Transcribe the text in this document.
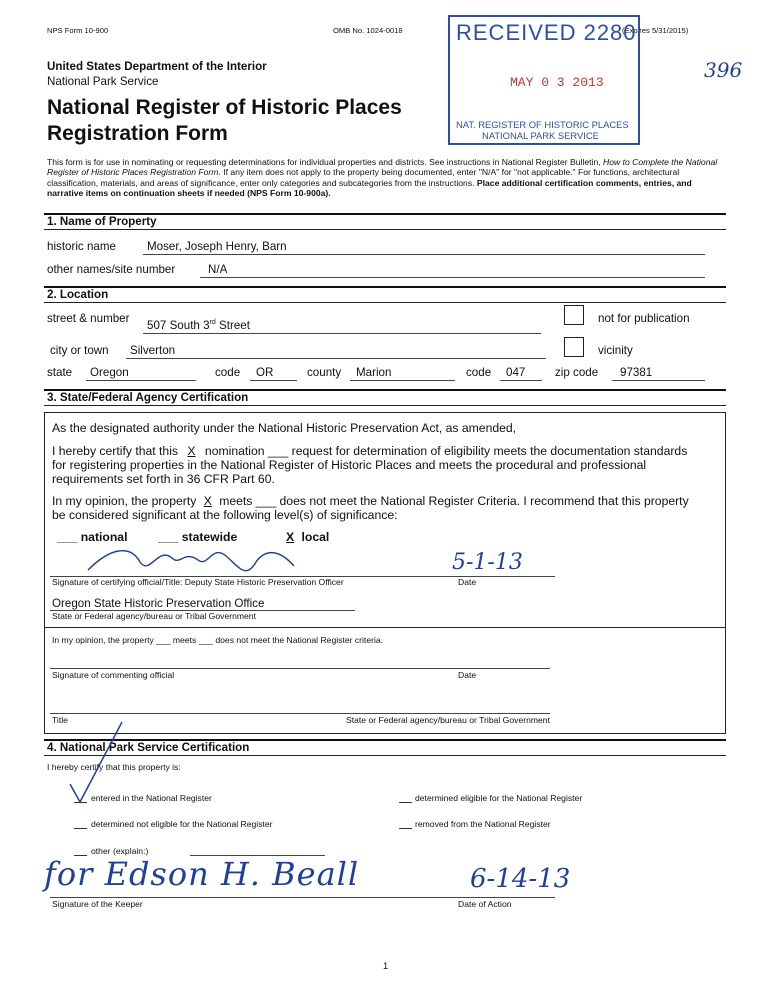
NPS Form 10-900	OMB No. 1024-0018	(Expires 5/31/2015)
United States Department of the Interior
National Park Service
National Register of Historic Places
Registration Form
396
RECEIVED 2280
MAY 0 3 2013
NAT. REGISTER OF HISTORIC PLACES
NATIONAL PARK SERVICE
This form is for use in nominating or requesting determinations for individual properties and districts. See instructions in National Register Bulletin, How to Complete the National Register of Historic Places Registration Form. If any item does not apply to the property being documented, enter "N/A" for "not applicable." For functions, architectural classification, materials, and areas of significance, enter only categories and subcategories from the instructions. Place additional certification comments, entries, and narrative items on continuation sheets if needed (NPS Form 10-900a).
1. Name of Property
historic name	Moser, Joseph Henry, Barn
other names/site number	N/A
2. Location
street & number
507 South 3rd Street
not for publication
city or town Silverton	vicinity
state Oregon	code OR	county Marion	code 047	zip code 97381
3. State/Federal Agency Certification
As the designated authority under the National Historic Preservation Act, as amended,
I hereby certify that this X nomination ___ request for determination of eligibility meets the documentation standards
for registering properties in the National Register of Historic Places and meets the procedural and professional
requirements set forth in 36 CFR Part 60.
In my opinion, the property X meets ___ does not meet the National Register Criteria. I recommend that this property
be considered significant at the following level(s) of significance:
___ national	___ statewide	X local
5-1-13
Signature of certifying official/Title: Deputy State Historic Preservation Officer	Date
Oregon State Historic Preservation Office
State or Federal agency/bureau or Tribal Government
In my opinion, the property ___ meets ___ does not meet the National Register criteria.
Signature of commenting official	Date
Title	State or Federal agency/bureau or Tribal Government
4. National Park Service Certification
I hereby certify that this property is:
entered in the National Register	determined eligible for the National Register
determined not eligible for the National Register	removed from the National Register
other (explain:)
for Edson H. Beall	6-14-13
Signature of the Keeper	Date of Action
1
